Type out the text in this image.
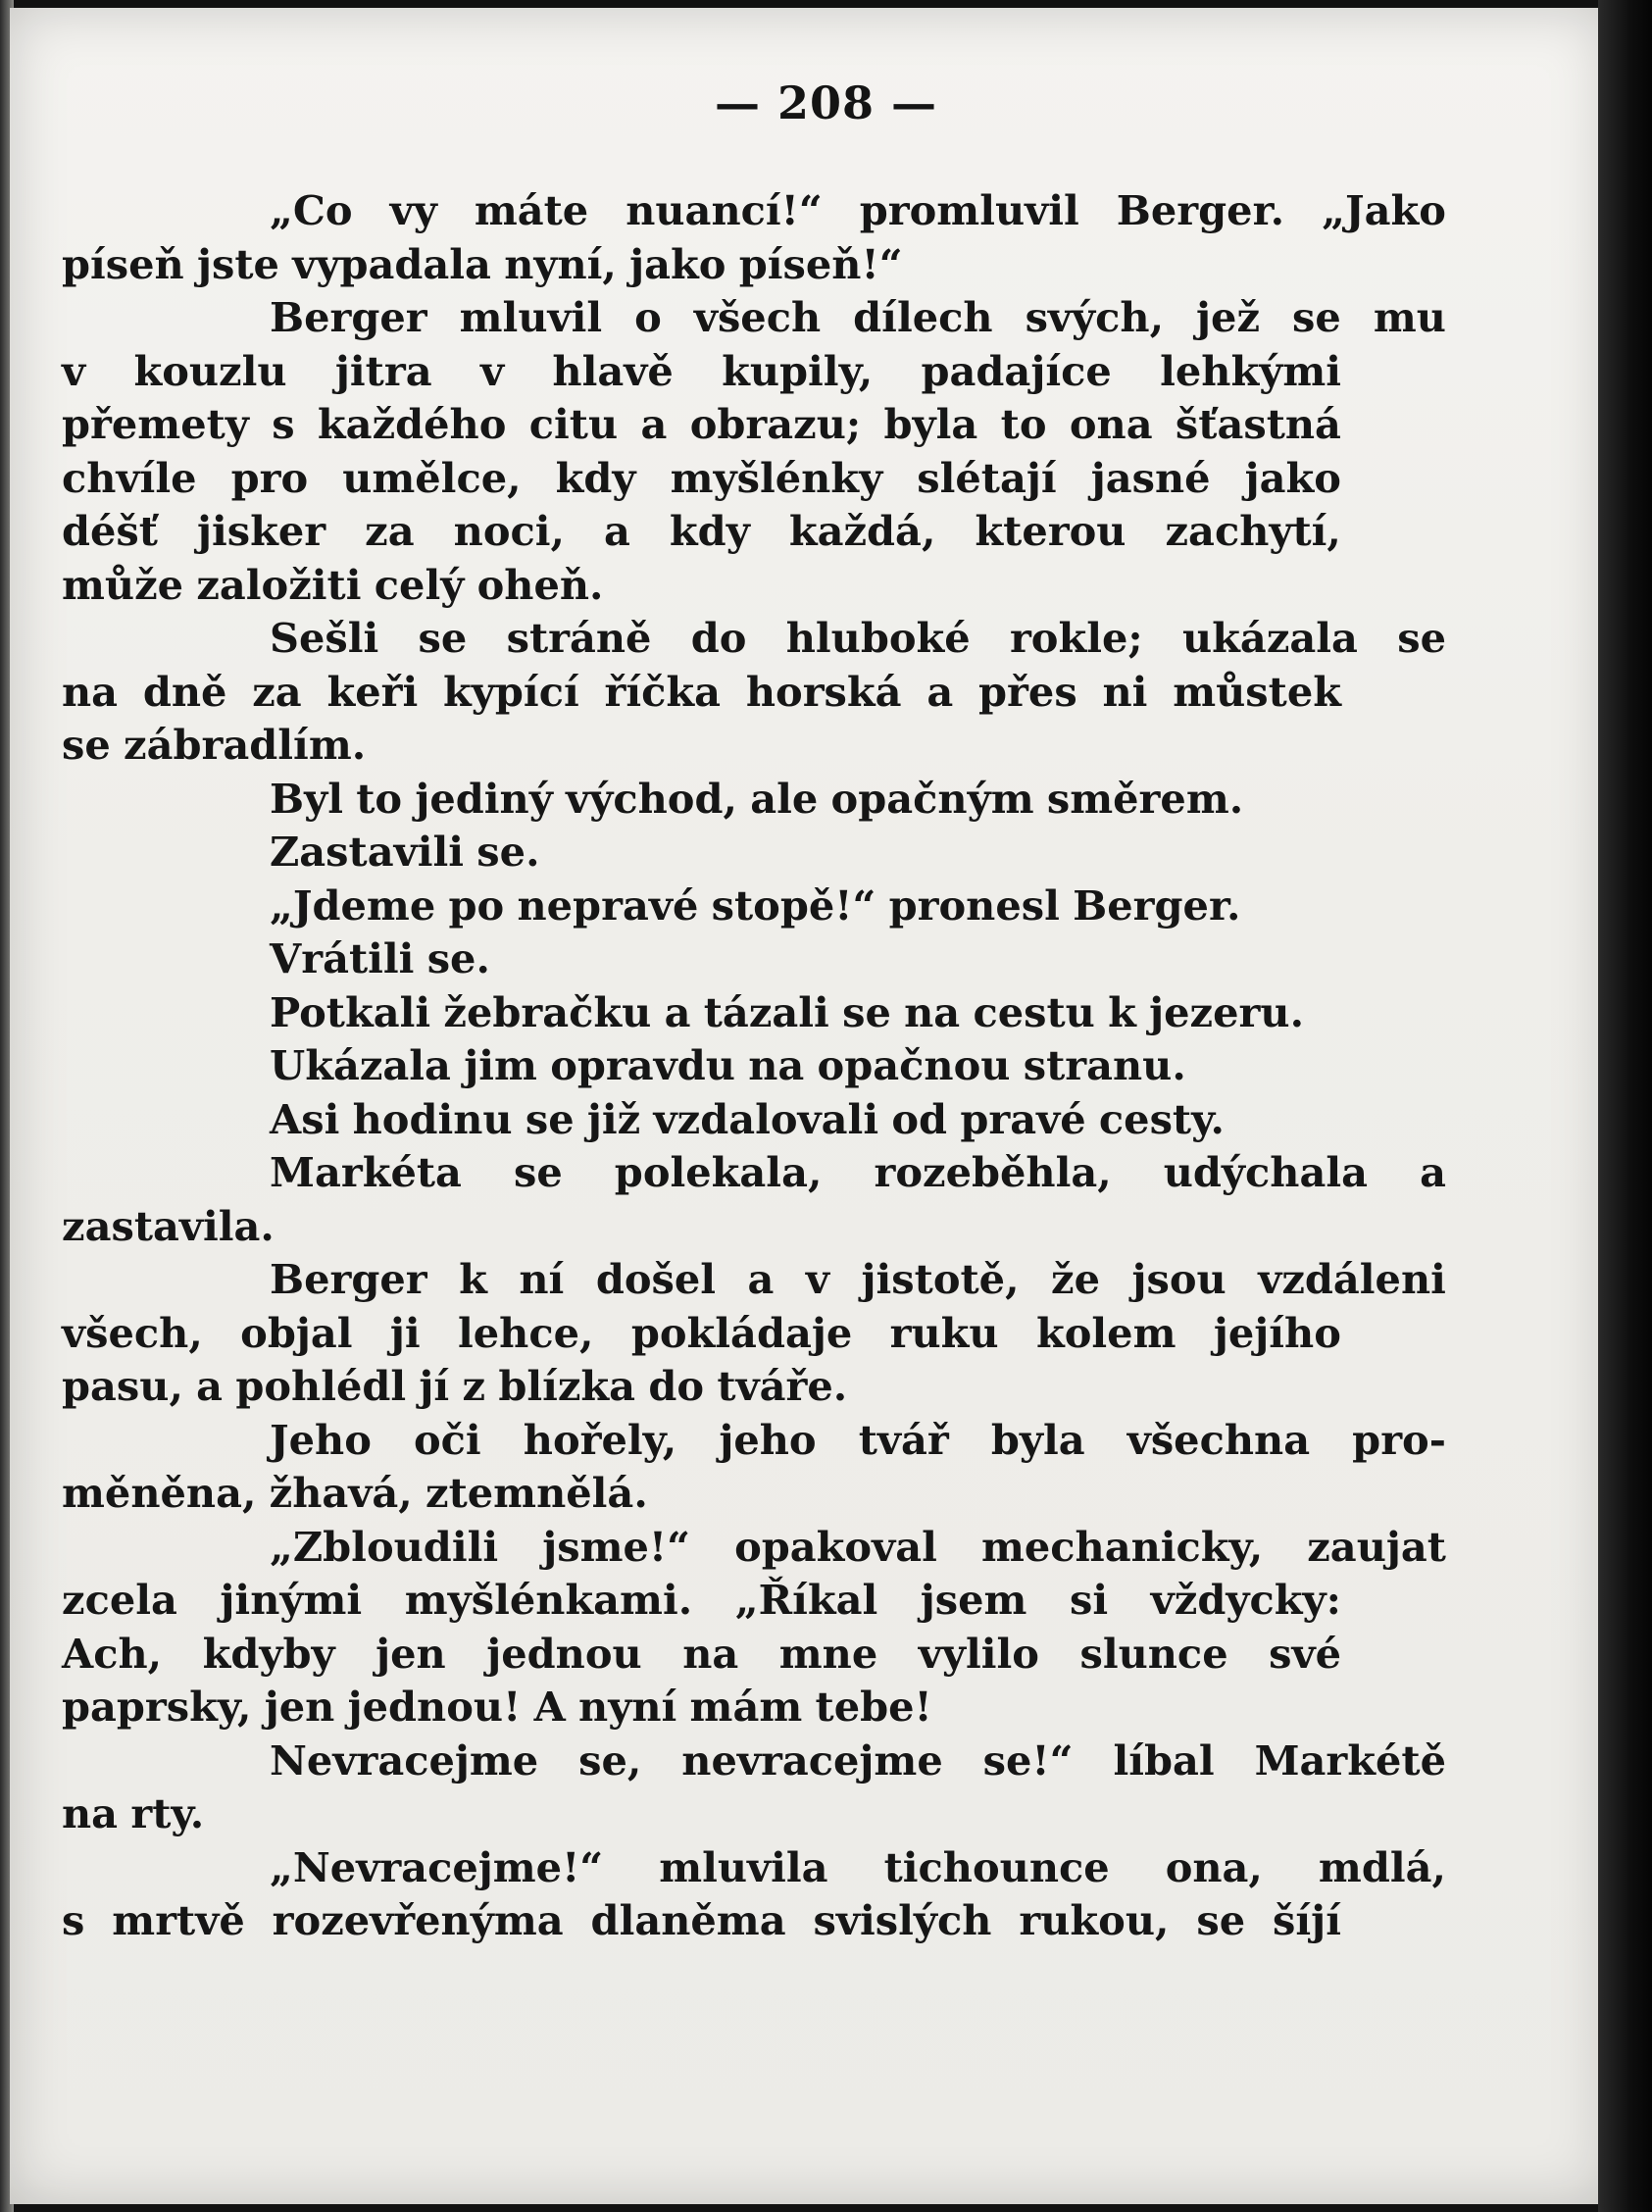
— 208 —
„Co vy máte nuancí!“ promluvil Berger. „Jako
píseň jste vypadala nyní, jako píseň!“
Berger mluvil o všech dílech svých, jež se mu
v kouzlu jitra v hlavě kupily, padajíce lehkými
přemety s každého citu a obrazu; byla to ona šťastná
chvíle pro umělce, kdy myšlénky slétají jasné jako
déšť jisker za noci, a kdy každá, kterou zachytí,
může založiti celý oheň.
Sešli se stráně do hluboké rokle; ukázala se
na dně za keři kypící říčka horská a přes ni můstek
se zábradlím.
Byl to jediný východ, ale opačným směrem.
Zastavili se.
„Jdeme po nepravé stopě!“ pronesl Berger.
Vrátili se.
Potkali žebračku a tázali se na cestu k jezeru.
Ukázala jim opravdu na opačnou stranu.
Asi hodinu se již vzdalovali od pravé cesty.
Markéta se polekala, rozeběhla, udýchala a
zastavila.
Berger k ní došel a v jistotě, že jsou vzdáleni
všech, objal ji lehce, pokládaje ruku kolem jejího
pasu, a pohlédl jí z blízka do tváře.
Jeho oči hořely, jeho tvář byla všechna pro-
měněna, žhavá, ztemnělá.
„Zbloudili jsme!“ opakoval mechanicky, zaujat
zcela jinými myšlénkami. „Říkal jsem si vždycky:
Ach, kdyby jen jednou na mne vylilo slunce své
paprsky, jen jednou! A nyní mám tebe!
Nevracejme se, nevracejme se!“ líbal Markétě
na rty.
„Nevracejme!“ mluvila tichounce ona, mdlá,
s mrtvě rozevřenýma dlaněma svislých rukou, se šíjí
